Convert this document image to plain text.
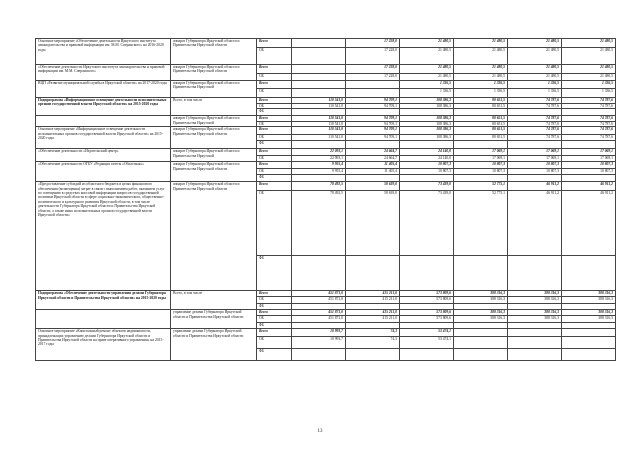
Основное мероприятие «Обеспечение деятельности Иркутского института законодательства и правовой информации им. М.М. Сперанского» на 2016-2020 годы	аппарат Губернатора Иркутской области и Правительства Иркутской области	Всего		17 228,0	21 480,5	21 480,5	21 480,5	21 480,5
		ОБ		17 228,0	21 480,5	21 480,5	21 480,5	21 480,5
«Обеспечение деятельности Иркутского института законодательства и правовой информации им. М.М. Сперанского»	аппарат Губернатора Иркутской области и Правительства Иркутской области	Всего		17 228,0	21 480,5	21 480,5	21 480,5	21 480,5
		ОБ		17 228,0	21 480,5	21 480,5	21 480,5	21 480,5
ВЦП «Развитие муниципальной службы в Иркутской области» на 2017-2020 годы	аппарат Губернатора Иркутской области и Правительства Иркутской	Всего			1 336,5	1 336,5	1 336,5	1 336,5
		ОБ			1 336,5	1 336,5	1 336,5	1 336,5
Подпрограмма «Информационное освещение деятельности исполнительных органов государственной власти Иркутской области» на 2015-2020 годы	Всего, в том числе	Всего	110 541,0	94 709,1	108 386,3	80 651,5	74 787,6	74 787,6
		ОБ	110 541,0	94 709,1	108 386,3	80 651,5	74 787,6	74 787,6
		ФБ						
	аппарат Губернатора Иркутской области и Правительства Иркутской	Всего	110 541,0	94 709,1	108 386,3	80 651,5	74 787,6	74 787,6
		ОБ	110 541,0	94 709,1	108 386,3	80 651,5	74 787,6	74 787,6
Основное мероприятие «Информационное освещение деятельности исполнительных органов государственной власти Иркутской области» на 2015-2020 годы	аппарат Губернатора Иркутской области и Правительства Иркутской области	Всего	110 541,0	94 709,1	108 386,3	80 651,5	74 787,6	74 787,6
		ОБ	110 541,0	94 709,1	108 386,3	80 651,5	74 787,6	74 787,6
		ФБ						
«Обеспечение деятельности «Издательский центр»	аппарат Губернатора Иркутской области и Правительства Иркутской	Всего	22 093,1	24 664,7	24 140,0	17 069,1	17 069,1	17 069,1
		ОБ	22 093,1	24 664,7	24 140,0	17 069,1	17 069,1	17 069,1
«Обеспечение деятельности ОГБУ «Редакция газеты «Областная»»	аппарат Губернатора Иркутской области и Правительства Иркутской области	Всего	9 955,4	11 405,4	10 807,3	10 807,3	10 807,3	10 807,3
		ОБ	9 955,4	11 405,4	10 807,3	10 807,3	10 807,3	10 807,3
		ФБ						
«Предоставление субсидий из областного бюджета в целях финансового обеспечения (возмещения) затрат в связи с выполнением работ, оказанием услуг по освещению в средствах массовой информации вопросов государственной политики Иркутской области в сфере социально-экономического, общественно-политического и культурного развития Иркутской области, в том числе деятельности Губернатора Иркутской области и Правительства Иркутской области, а также иных исполнительных органов государственной власти Иркутской области»	аппарат Губернатора Иркутской области и Правительства Иркутской области	Всего	78 492,5	58 639,0	73 439,0	52 775,1	46 911,2	46 911,2
		ОБ	78 492,5	58 639,0	73 439,0	52 775,1	46 911,2	46 911,2
		ФБ						
Подпрограмма «Обеспечение деятельности управления делами Губернатора Иркутской области и Правительства Иркутской области» на 2015-2020 годы	Всего, в том числе	Всего	451 871,0	415 211,0	573 809,6	388 316,3	388 316,3	388 316,3
		ОБ	451 871,0	415 211,0	573 809,6	388 316,3	388 316,3	388 316,3
		ФБ						
	управление делами Губернатора Иркутской области и Правительства Иркутской области	Всего	451 871,0	415 211,0	573 809,6	388 316,3	388 316,3	388 316,3
		ОБ	451 871,0	415 211,0	573 809,6	388 316,3	388 316,3	388 316,3
		ФБ						
Основное мероприятие «Капитальный ремонт объектов недвижимости, принадлежащих управлению делами Губернатора Иркутской области и Правительства Иркутской области на праве оперативного управления» на 2015-2017 годы	управление делами Губернатора Иркутской области и Правительства Иркутской области	Всего	10 993,7	74,3	53 474,1			
		ОБ	10 993,7	74,3	53 474,1			
		ФБ						
13
